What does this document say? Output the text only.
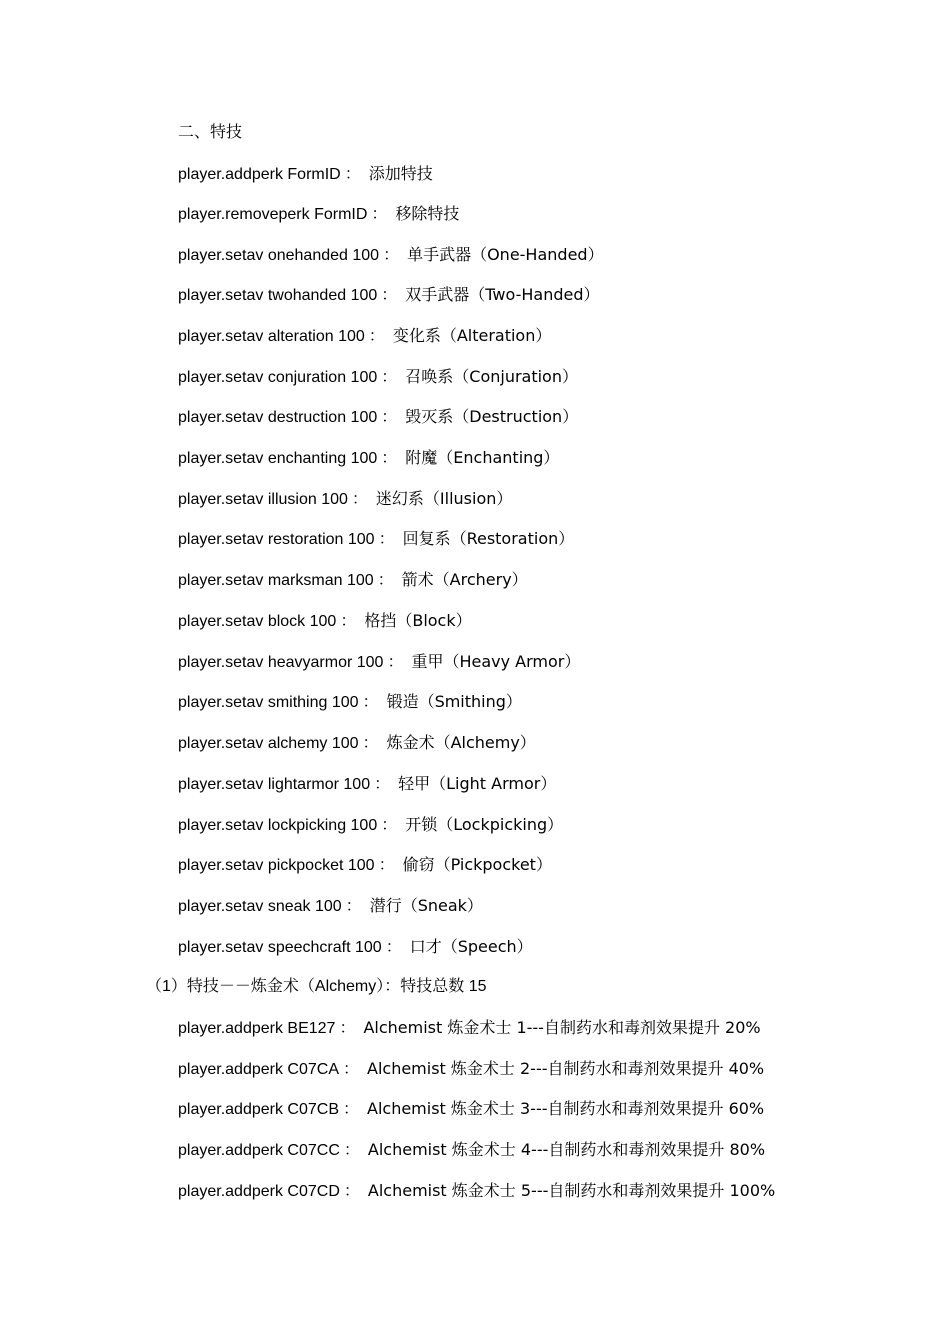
二、特技
player.addperk FormID ： 添加特技
player.removeperk FormID ： 移除特技
player.setav onehanded 100 ： 单手武器（One-Handed）
player.setav twohanded 100 ： 双手武器（Two-Handed）
player.setav alteration 100 ： 变化系（Alteration）
player.setav conjuration 100 ： 召唤系（Conjuration）
player.setav destruction 100 ： 毁灭系（Destruction）
player.setav enchanting 100 ： 附魔（Enchanting）
player.setav illusion 100 ： 迷幻系（Illusion）
player.setav restoration 100 ： 回复系（Restoration）
player.setav marksman 100 ： 箭术（Archery）
player.setav block 100 ： 格挡（Block）
player.setav heavyarmor 100 ： 重甲（Heavy Armor）
player.setav smithing 100 ： 锻造（Smithing）
player.setav alchemy 100 ： 炼金术（Alchemy）
player.setav lightarmor 100 ： 轻甲（Light Armor）
player.setav lockpicking 100 ： 开锁（Lockpicking）
player.setav pickpocket 100 ： 偷窃（Pickpocket）
player.setav sneak 100 ： 潜行（Sneak）
player.setav speechcraft 100 ： 口才（Speech）
（1）特技－－炼金术（Alchemy）：特技总数 15
player.addperk BE127 ： Alchemist 炼金术士 1---自制药水和毒剂效果提升 20%
player.addperk C07CA ： Alchemist 炼金术士 2---自制药水和毒剂效果提升 40%
player.addperk C07CB ： Alchemist 炼金术士 3---自制药水和毒剂效果提升 60%
player.addperk C07CC ： Alchemist 炼金术士 4---自制药水和毒剂效果提升 80%
player.addperk C07CD ： Alchemist 炼金术士 5---自制药水和毒剂效果提升 100%
